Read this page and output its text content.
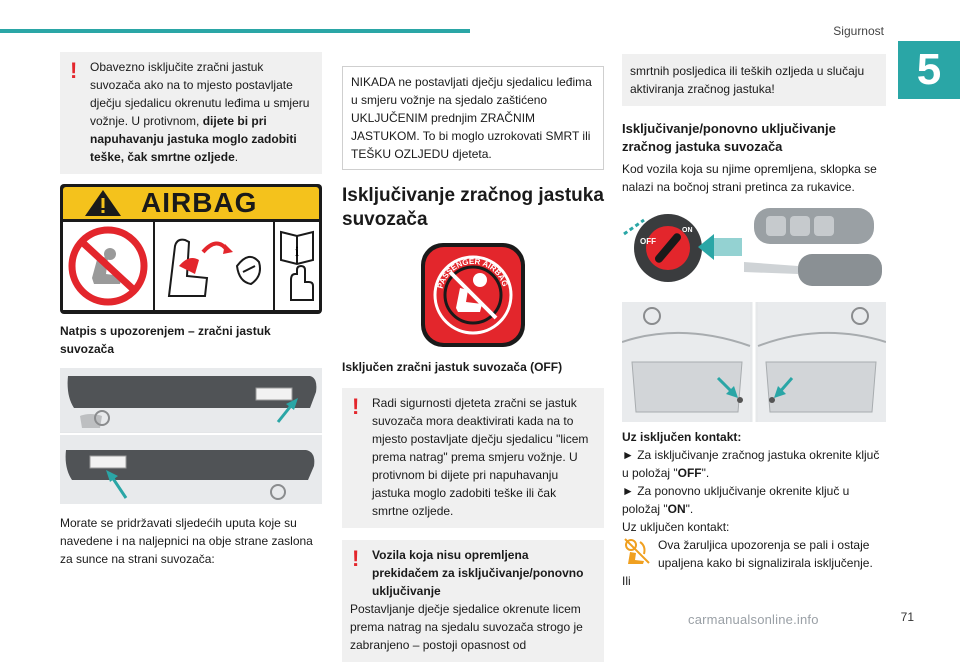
Sigurnost
5
!	Obavezno isključite zračni jastuk suvozača ako na to mjesto postavljate dječju sjedalicu okrenutu leđima u smjeru vožnje. U protivnom, dijete bi pri napuhavanju jastuka moglo zadobiti teške, čak smrtne ozljede.

AIRBAG
i

Natpis s upozorenjem – zračni jastuk suvozača

Morate se pridržavati sljedećih uputa koje su navedene i na naljepnici na obje strane zaslona za sunce na strani suvozača:

NIKADA ne postavljati dječju sjedalicu leđima u smjeru vožnje na sjedalo zaštićeno UKLJUČENIM prednjim ZRAČNIM JASTUKOM. To bi moglo uzrokovati SMRT ili TEŠKU OZLJEDU djeteta.

Isključivanje zračnog jastuka suvozača
PASSENGER AIRBAG

Isključen zračni jastuk suvozača (OFF)

!	Radi sigurnosti djeteta zračni se jastuk suvozača mora deaktivirati kada na to mjesto postavljate dječju sjedalicu "licem prema natrag" prema smjeru vožnje. U protivnom bi dijete pri napuhavanju jastuka moglo zadobiti teške ili čak smrtne ozljede.

!	Vozila koja nisu opremljena prekidačem za isključivanje/ponovno uključivanje

Postavljanje dječje sjedalice okrenute licem prema natrag na sjedalu suvozača strogo je zabranjeno – postoji opasnost od

smrtnih posljedica ili teških ozljeda u slučaju aktiviranja zračnog jastuka!

Isključivanje/ponovno uključivanje zračnog jastuka suvozača

Kod vozila koja su njime opremljena, sklopka se nalazi na bočnoj strani pretinca za rukavice.

OFF
ON

Uz isključen kontakt:

► Za isključivanje zračnog jastuka okrenite ključ u položaj "OFF".

► Za ponovno uključivanje okrenite ključ u položaj "ON".

Uz uključen kontakt:

Ova žaruljica upozorenja se pali i ostaje upaljena kako bi signalizirala isključenje.

Ili

carmanualsonline.info	71
